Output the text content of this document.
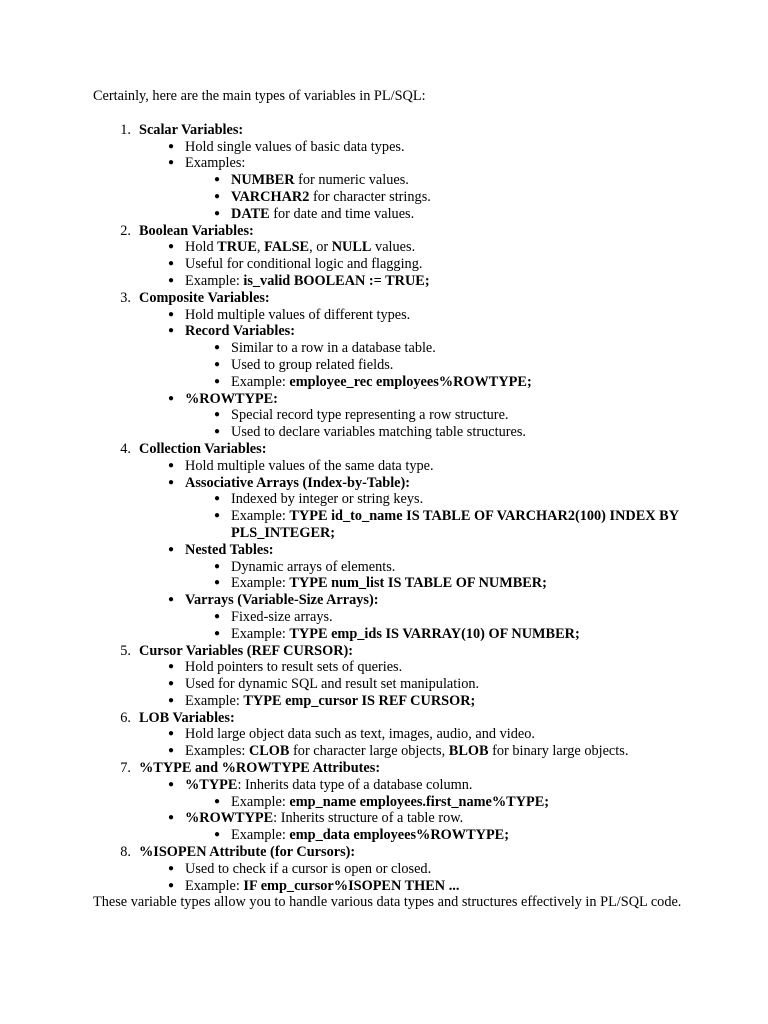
Certainly, here are the main types of variables in PL/SQL:

1. Scalar Variables:
● Hold single values of basic data types.
● Examples:
● NUMBER for numeric values.
● VARCHAR2 for character strings.
● DATE for date and time values.
2. Boolean Variables:
● Hold TRUE, FALSE, or NULL values.
● Useful for conditional logic and flagging.
● Example: is_valid BOOLEAN := TRUE;
3. Composite Variables:
● Hold multiple values of different types.
● Record Variables:
● Similar to a row in a database table.
● Used to group related fields.
● Example: employee_rec employees%ROWTYPE;
● %ROWTYPE:
● Special record type representing a row structure.
● Used to declare variables matching table structures.
4. Collection Variables:
● Hold multiple values of the same data type.
● Associative Arrays (Index-by-Table):
● Indexed by integer or string keys.
● Example: TYPE id_to_name IS TABLE OF VARCHAR2(100) INDEX BY PLS_INTEGER;
● Nested Tables:
● Dynamic arrays of elements.
● Example: TYPE num_list IS TABLE OF NUMBER;
● Varrays (Variable-Size Arrays):
● Fixed-size arrays.
● Example: TYPE emp_ids IS VARRAY(10) OF NUMBER;
5. Cursor Variables (REF CURSOR):
● Hold pointers to result sets of queries.
● Used for dynamic SQL and result set manipulation.
● Example: TYPE emp_cursor IS REF CURSOR;
6. LOB Variables:
● Hold large object data such as text, images, audio, and video.
● Examples: CLOB for character large objects, BLOB for binary large objects.
7. %TYPE and %ROWTYPE Attributes:
● %TYPE: Inherits data type of a database column.
● Example: emp_name employees.first_name%TYPE;
● %ROWTYPE: Inherits structure of a table row.
● Example: emp_data employees%ROWTYPE;
8. %ISOPEN Attribute (for Cursors):
● Used to check if a cursor is open or closed.
● Example: IF emp_cursor%ISOPEN THEN ...

These variable types allow you to handle various data types and structures effectively in PL/SQL code.
